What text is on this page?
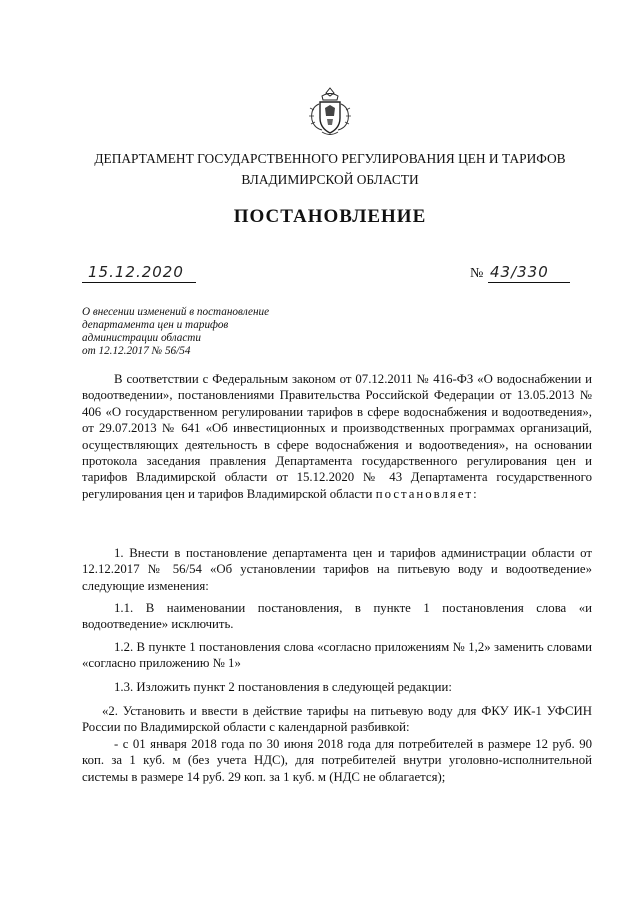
ДЕПАРТАМЕНТ ГОСУДАРСТВЕННОГО РЕГУЛИРОВАНИЯ ЦЕН И ТАРИФОВ
ВЛАДИМИРСКОЙ ОБЛАСТИ
ПОСТАНОВЛЕНИЕ
15.12.2020	№ 43/330
О внесении изменений в постановление
департамента цен и тарифов
администрации области
от 12.12.2017 № 56/54

В соответствии с Федеральным законом от 07.12.2011 № 416-ФЗ «О водоснабжении и водоотведении», постановлениями Правительства Российской Федерации от 13.05.2013 № 406 «О государственном регулировании тарифов в сфере водоснабжения и водоотведения», от 29.07.2013 № 641 «Об инвестиционных и производственных программах организаций, осуществляющих деятельность в сфере водоснабжения и водоотведения», на основании протокола заседания правления Департамента государственного регулирования цен и тарифов Владимирской области от 15.12.2020 № 43 Департамента государственного регулирования цен и тарифов Владимирской области постановляет:

1. Внести в постановление департамента цен и тарифов администрации области от 12.12.2017 № 56/54 «Об установлении тарифов на питьевую воду и водоотведение» следующие изменения:

1.1. В наименовании постановления, в пункте 1 постановления слова «и водоотведение» исключить.

1.2. В пункте 1 постановления слова «согласно приложениям № 1,2» заменить словами «согласно приложению № 1»

1.3. Изложить пункт 2 постановления в следующей редакции:

«2. Установить и ввести в действие тарифы на питьевую воду для ФКУ ИК-1 УФСИН России по Владимирской области с календарной разбивкой:

- с 01 января 2018 года по 30 июня 2018 года для потребителей в размере 12 руб. 90 коп. за 1 куб. м (без учета НДС), для потребителей внутри уголовно-исполнительной системы в размере 14 руб. 29 коп. за 1 куб. м (НДС не облагается);
